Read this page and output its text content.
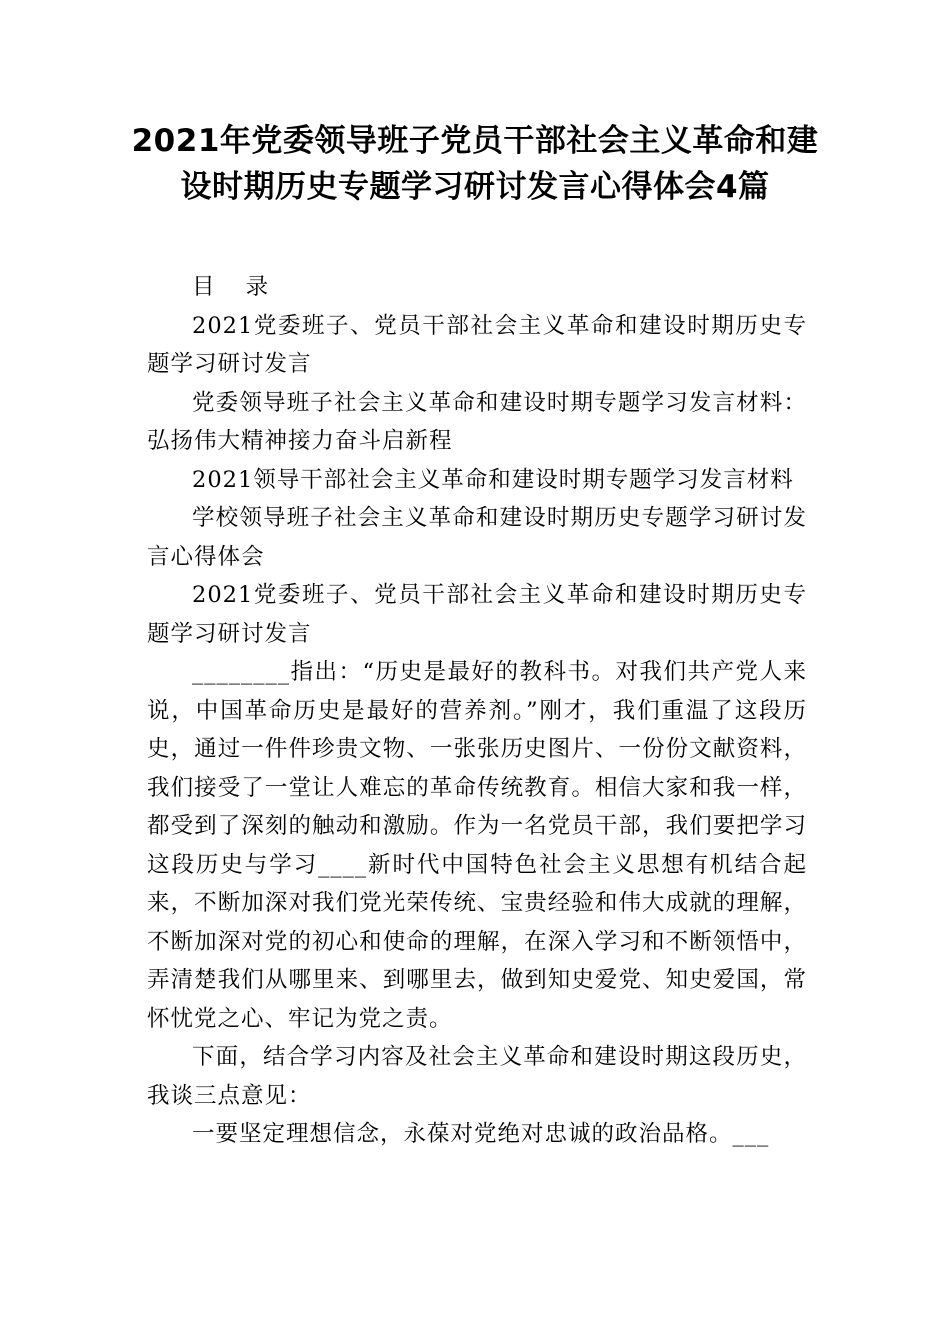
2021年党委领导班子党员干部社会主义革命和建设时期历史专题学习研讨发言心得体会4篇

目 录

2021党委班子、党员干部社会主义革命和建设时期历史专题学习研讨发言

党委领导班子社会主义革命和建设时期专题学习发言材料：弘扬伟大精神接力奋斗启新程

2021领导干部社会主义革命和建设时期专题学习发言材料

学校领导班子社会主义革命和建设时期历史专题学习研讨发言心得体会

2021党委班子、党员干部社会主义革命和建设时期历史专题学习研讨发言

________指出：“历史是最好的教科书。对我们共产党人来说，中国革命历史是最好的营养剂。”刚才，我们重温了这段历史，通过一件件珍贵文物、一张张历史图片、一份份文献资料，我们接受了一堂让人难忘的革命传统教育。相信大家和我一样，都受到了深刻的触动和激励。作为一名党员干部，我们要把学习这段历史与学习____新时代中国特色社会主义思想有机结合起来，不断加深对我们党光荣传统、宝贵经验和伟大成就的理解，不断加深对党的初心和使命的理解，在深入学习和不断领悟中，弄清楚我们从哪里来、到哪里去，做到知史爱党、知史爱国，常怀忧党之心、牢记为党之责。

下面，结合学习内容及社会主义革命和建设时期这段历史，我谈三点意见：

一要坚定理想信念，永葆对党绝对忠诚的政治品格。___
